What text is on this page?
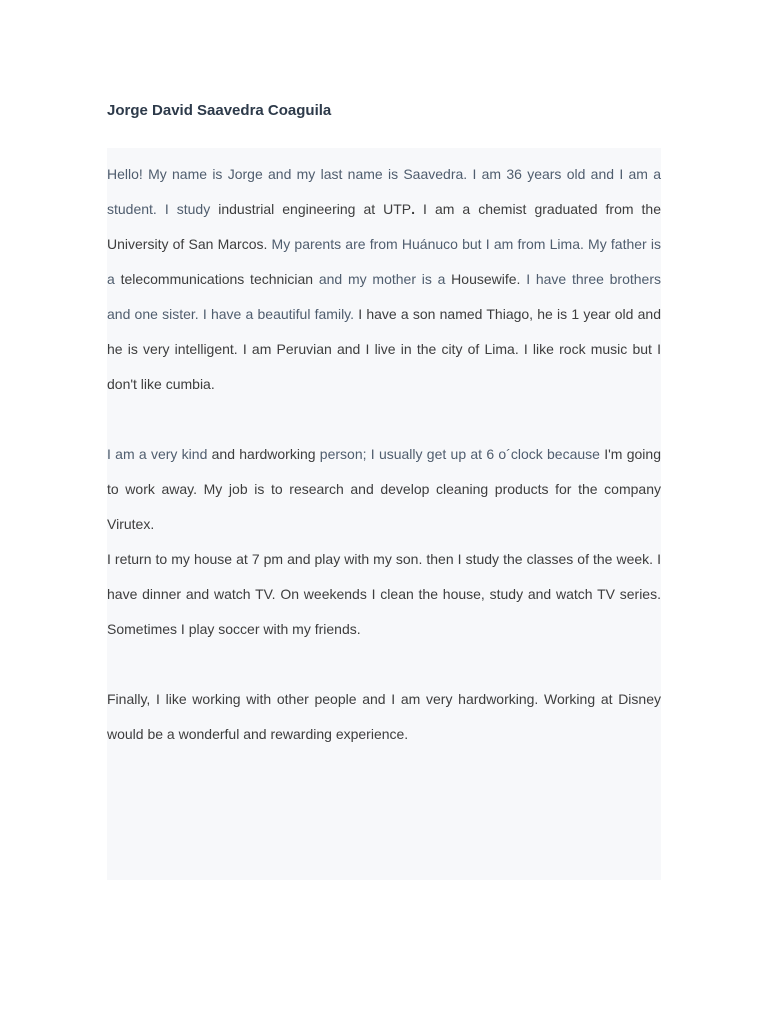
Jorge David Saavedra Coaguila

Hello! My name is Jorge and my last name is Saavedra. I am 36 years old and I am a student. I study industrial engineering at UTP. I am a chemist graduated from the University of San Marcos. My parents are from Huánuco but I am from Lima. My father is a telecommunications technician and my mother is a Housewife. I have three brothers and one sister. I have a beautiful family. I have a son named Thiago, he is 1 year old and he is very intelligent. I am Peruvian and I live in the city of Lima. I like rock music but I don't like cumbia.

I am a very kind and hardworking person; I usually get up at 6 o´clock because I'm going to work away. My job is to research and develop cleaning products for the company Virutex.

I return to my house at 7 pm and play with my son. then I study the classes of the week. I have dinner and watch TV. On weekends I clean the house, study and watch TV series. Sometimes I play soccer with my friends.

Finally, I like working with other people and I am very hardworking. Working at Disney would be a wonderful and rewarding experience.
